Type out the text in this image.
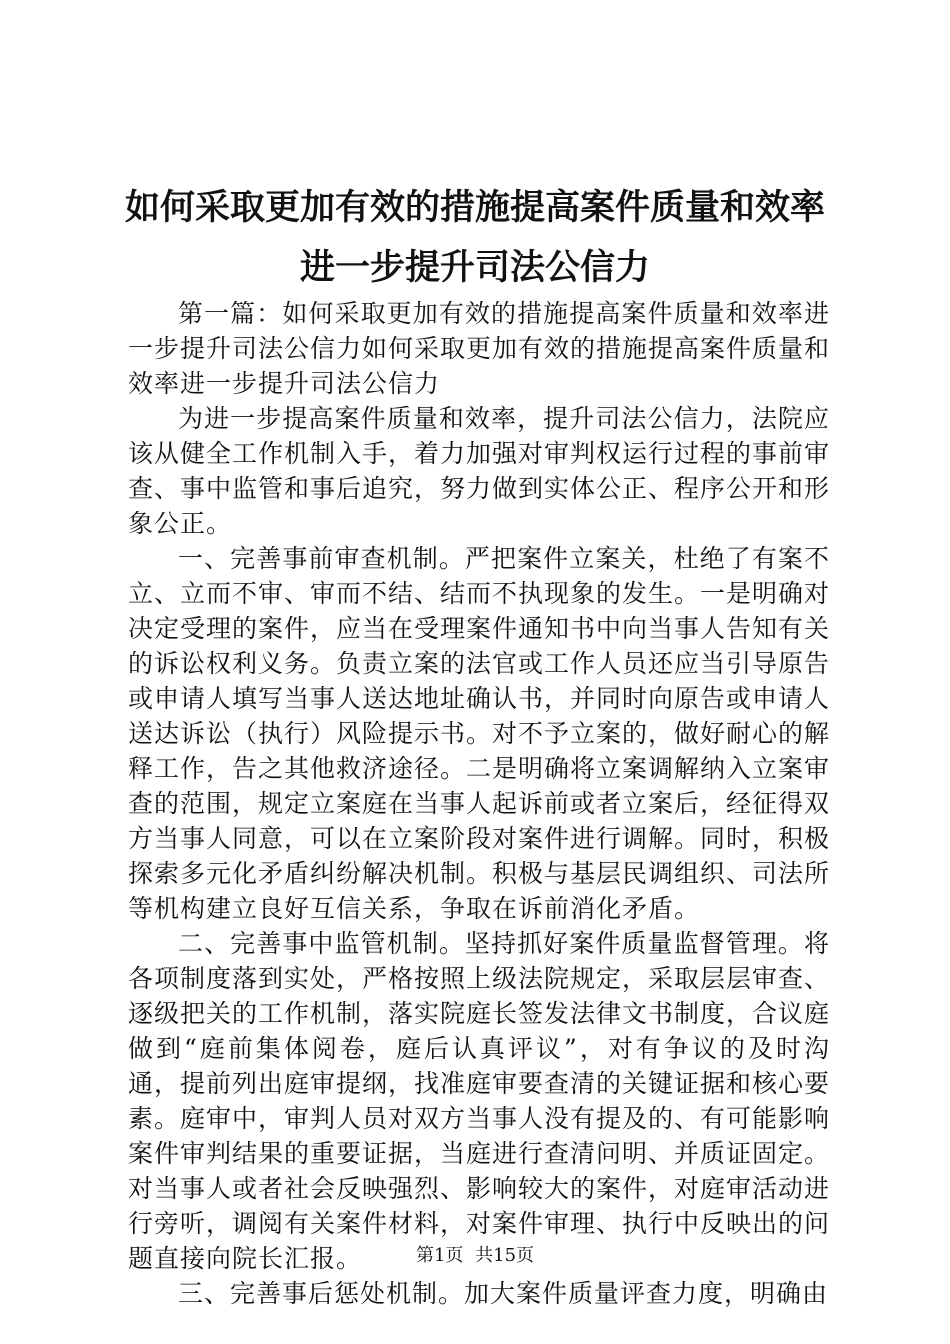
如何采取更加有效的措施提高案件质量和效率
进一步提升司法公信力

第一篇：如何采取更加有效的措施提高案件质量和效率进一步提升司法公信力如何采取更加有效的措施提高案件质量和效率进一步提升司法公信力

为进一步提高案件质量和效率，提升司法公信力，法院应该从健全工作机制入手，着力加强对审判权运行过程的事前审查、事中监管和事后追究，努力做到实体公正、程序公开和形象公正。

一、完善事前审查机制。严把案件立案关，杜绝了有案不立、立而不审、审而不结、结而不执现象的发生。一是明确对决定受理的案件，应当在受理案件通知书中向当事人告知有关的诉讼权利义务。负责立案的法官或工作人员还应当引导原告或申请人填写当事人送达地址确认书，并同时向原告或申请人送达诉讼（执行）风险提示书。对不予立案的，做好耐心的解释工作，告之其他救济途径。二是明确将立案调解纳入立案审查的范围，规定立案庭在当事人起诉前或者立案后，经征得双方当事人同意，可以在立案阶段对案件进行调解。同时，积极探索多元化矛盾纠纷解决机制。积极与基层民调组织、司法所等机构建立良好互信关系，争取在诉前消化矛盾。

二、完善事中监管机制。坚持抓好案件质量监督管理。将各项制度落到实处，严格按照上级法院规定，采取层层审查、逐级把关的工作机制，落实院庭长签发法律文书制度，合议庭做到“庭前集体阅卷，庭后认真评议”，对有争议的及时沟通，提前列出庭审提纲，找准庭审要查清的关键证据和核心要素。庭审中，审判人员对双方当事人没有提及的、有可能影响案件审判结果的重要证据，当庭进行查清问明、并质证固定。对当事人或者社会反映强烈、影响较大的案件，对庭审活动进行旁听，调阅有关案件材料，对案件审理、执行中反映出的问题直接向院长汇报。

三、完善事后惩处机制。加大案件质量评查力度，明确由

第1页 共15页
